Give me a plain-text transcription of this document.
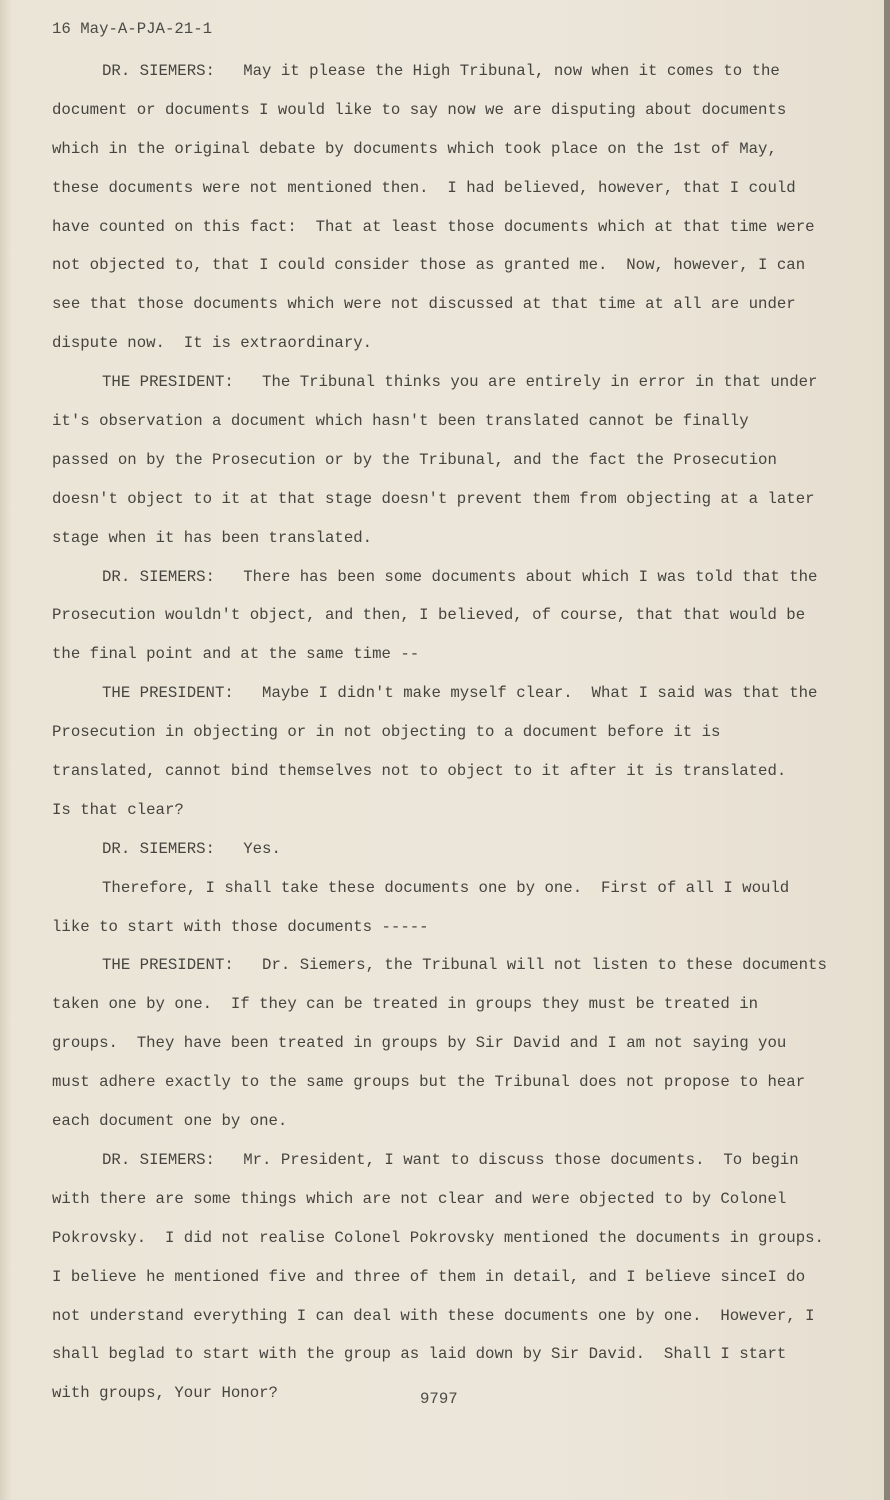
16 May-A-PJA-21-1
DR. SIEMERS:   May it please the High Tribunal, now when it comes to the
document or documents I would like to say now we are disputing about documents
which in the original debate by documents which took place on the 1st of May,
these documents were not mentioned then.  I had believed, however, that I could
have counted on this fact:  That at least those documents which at that time were
not objected to, that I could consider those as granted me.  Now, however, I can
see that those documents which were not discussed at that time at all are under
dispute now.  It is extraordinary.
THE PRESIDENT:   The Tribunal thinks you are entirely in error in that under
it's observation a document which hasn't been translated cannot be finally
passed on by the Prosecution or by the Tribunal, and the fact the Prosecution
doesn't object to it at that stage doesn't prevent them from objecting at a later
stage when it has been translated.
DR. SIEMERS:   There has been some documents about which I was told that the
Prosecution wouldn't object, and then, I believed, of course, that that would be
the final point and at the same time --
THE PRESIDENT:   Maybe I didn't make myself clear.  What I said was that the
Prosecution in objecting or in not objecting to a document before it is
translated, cannot bind themselves not to object to it after it is translated.
Is that clear?
DR. SIEMERS:   Yes.
Therefore, I shall take these documents one by one.  First of all I would
like to start with those documents -----
THE PRESIDENT:   Dr. Siemers, the Tribunal will not listen to these documents
taken one by one.  If they can be treated in groups they must be treated in
groups.  They have been treated in groups by Sir David and I am not saying you
must adhere exactly to the same groups but the Tribunal does not propose to hear
each document one by one.
DR. SIEMERS:   Mr. President, I want to discuss those documents.  To begin
with there are some things which are not clear and were objected to by Colonel
Pokrovsky.  I did not realise Colonel Pokrovsky mentioned the documents in groups.
I believe he mentioned five and three of them in detail, and I believe sinceI do
not understand everything I can deal with these documents one by one.  However, I
shall beglad to start with the group as laid down by Sir David.  Shall I start
with groups, Your Honor?	9797
